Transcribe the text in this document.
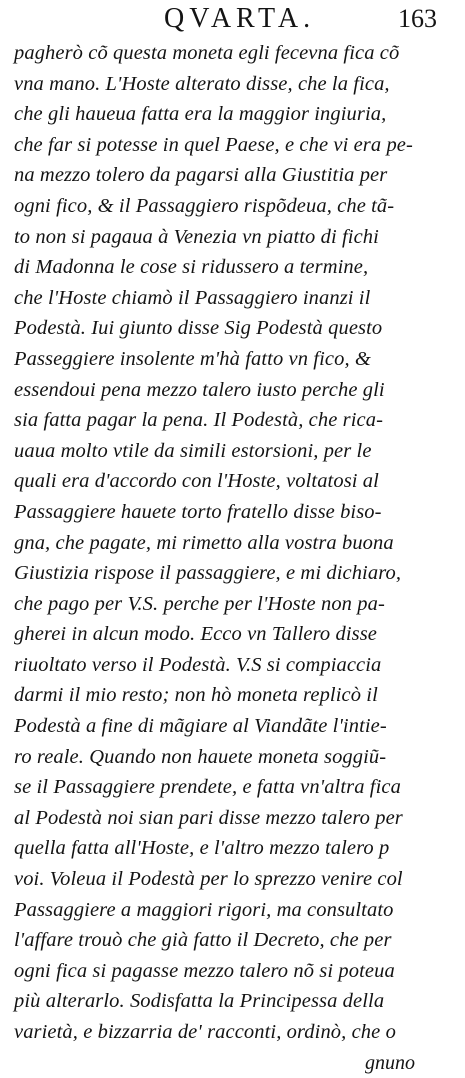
QVARTA.	163
pagherò cõ questa moneta egli fecevna fica cõ
vna mano. L'Hoste alterato disse, che la fica,
che gli haueua fatta era la maggior ingiuria,
che far si potesse in quel Paese, e che vi era pe-
na mezzo tolero da pagarsi alla Giustitia per
ogni fico, & il Passaggiero rispõdeua, che tã-
to non si pagaua à Venezia vn piatto di fichi
di Madonna le cose si ridussero a termine,
che l'Hoste chiamò il Passaggiero inanzi il
Podestà. Iui giunto disse Sig Podestà questo
Passeggiere insolente m'hà fatto vn fico, &
essendoui pena mezzo talero iusto perche gli
sia fatta pagar la pena. Il Podestà, che rica-
uaua molto vtile da simili estorsioni, per le
quali era d'accordo con l'Hoste, voltatosi al
Passaggiere hauete torto fratello disse biso-
gna, che pagate, mi rimetto alla vostra buona
Giustizia rispose il passaggiere, e mi dichiaro,
che pago per V.S. perche per l'Hoste non pa-
gherei in alcun modo. Ecco vn Tallero disse
riuoltato verso il Podestà. V.S si compiaccia
darmi il mio resto; non hò moneta replicò il
Podestà a fine di mãgiare al Viandãte l'intie-
ro reale. Quando non hauete moneta soggiũ-
se il Passaggiere prendete, e fatta vn'altra fica
al Podestà noi sian pari disse mezzo talero per
quella fatta all'Hoste, e l'altro mezzo talero p
voi. Voleua il Podestà per lo sprezzo venire col
Passaggiere a maggiori rigori, ma consultato
l'affare trouò che già fatto il Decreto, che per
ogni fica si pagasse mezzo talero nõ si poteua
più alterarlo. Sodisfatta la Principessa della
varietà, e bizzarria de' racconti, ordinò, che o
gnuno
